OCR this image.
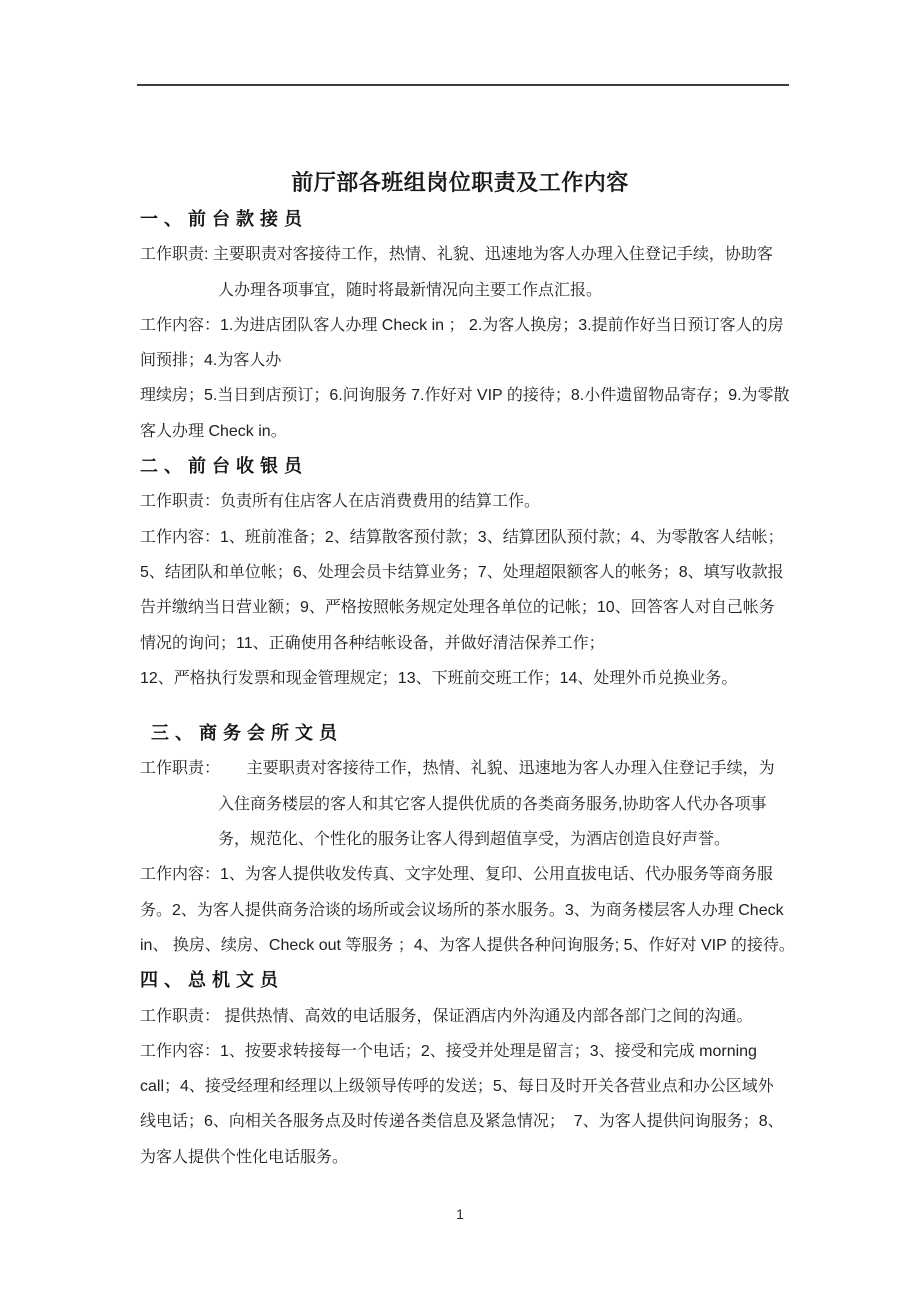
前厅部各班组岗位职责及工作内容
一、前台款接员
工作职责: 主要职责对客接待工作，热情、礼貌、迅速地为客人办理入住登记手续，协助客
人办理各项事宜，随时将最新情况向主要工作点汇报。
工作内容：1.为进店团队客人办理 Check in ； 2.为客人换房；3.提前作好当日预订客人的房
间预排；4.为客人办
理续房；5.当日到店预订；6.问询服务 7.作好对 VIP 的接待；8.小件遗留物品寄存；9.为零散
客人办理 Check in。
二、前台收银员
工作职责：负责所有住店客人在店消费费用的结算工作。
工作内容：1、班前准备；2、结算散客预付款；3、结算团队预付款；4、为零散客人结帐；
5、结团队和单位帐；6、处理会员卡结算业务；7、处理超限额客人的帐务；8、填写收款报
告并缴纳当日营业额；9、严格按照帐务规定处理各单位的记帐；10、回答客人对自己帐务
情况的询问；11、正确使用各种结帐设备，并做好清洁保养工作；
12、严格执行发票和现金管理规定；13、下班前交班工作；14、处理外币兑换业务。
三、商务会所文员
工作职责：      主要职责对客接待工作，热情、礼貌、迅速地为客人办理入住登记手续，为
入住商务楼层的客人和其它客人提供优质的各类商务服务,协助客人代办各项事
务，规范化、个性化的服务让客人得到超值享受，为酒店创造良好声誉。
工作内容：1、为客人提供收发传真、文字处理、复印、公用直拔电话、代办服务等商务服
务。2、为客人提供商务洽谈的场所或会议场所的茶水服务。3、为商务楼层客人办理 Check
in、 换房、续房、Check out 等服务 ；4、为客人提供各种问询服务; 5、作好对 VIP 的接待。
四、总机文员
工作职责： 提供热情、高效的电话服务，保证酒店内外沟通及内部各部门之间的沟通。
工作内容：1、按要求转接每一个电话；2、接受并处理是留言；3、接受和完成 morning
call；4、接受经理和经理以上级领导传呼的发送；5、每日及时开关各营业点和办公区域外
线电话；6、向相关各服务点及时传递各类信息及紧急情况；  7、为客人提供问询服务；8、
为客人提供个性化电话服务。
1
